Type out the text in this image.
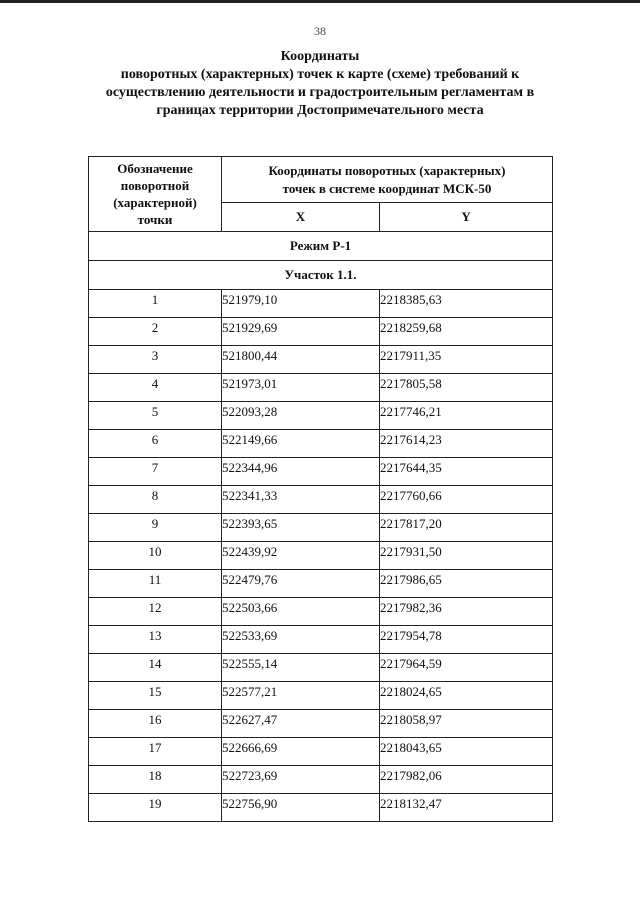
38
Координаты
поворотных (характерных) точек к карте (схеме) требований к
осуществлению деятельности и градостроительным регламентам в
границах территории Достопримечательного места
Обозначение
поворотной
(характерной)
точки	Координаты поворотных (характерных)
точек в системе координат МСК-50	

	X	Y
Режим Р-1		
Участок 1.1.		
1	521979,10	2218385,63
2	521929,69	2218259,68
3	521800,44	2217911,35
4	521973,01	2217805,58
5	522093,28	2217746,21
6	522149,66	2217614,23
7	522344,96	2217644,35
8	522341,33	2217760,66
9	522393,65	2217817,20
10	522439,92	2217931,50
11	522479,76	2217986,65
12	522503,66	2217982,36
13	522533,69	2217954,78
14	522555,14	2217964,59
15	522577,21	2218024,65
16	522627,47	2218058,97
17	522666,69	2218043,65
18	522723,69	2217982,06
19	522756,90	2218132,47
